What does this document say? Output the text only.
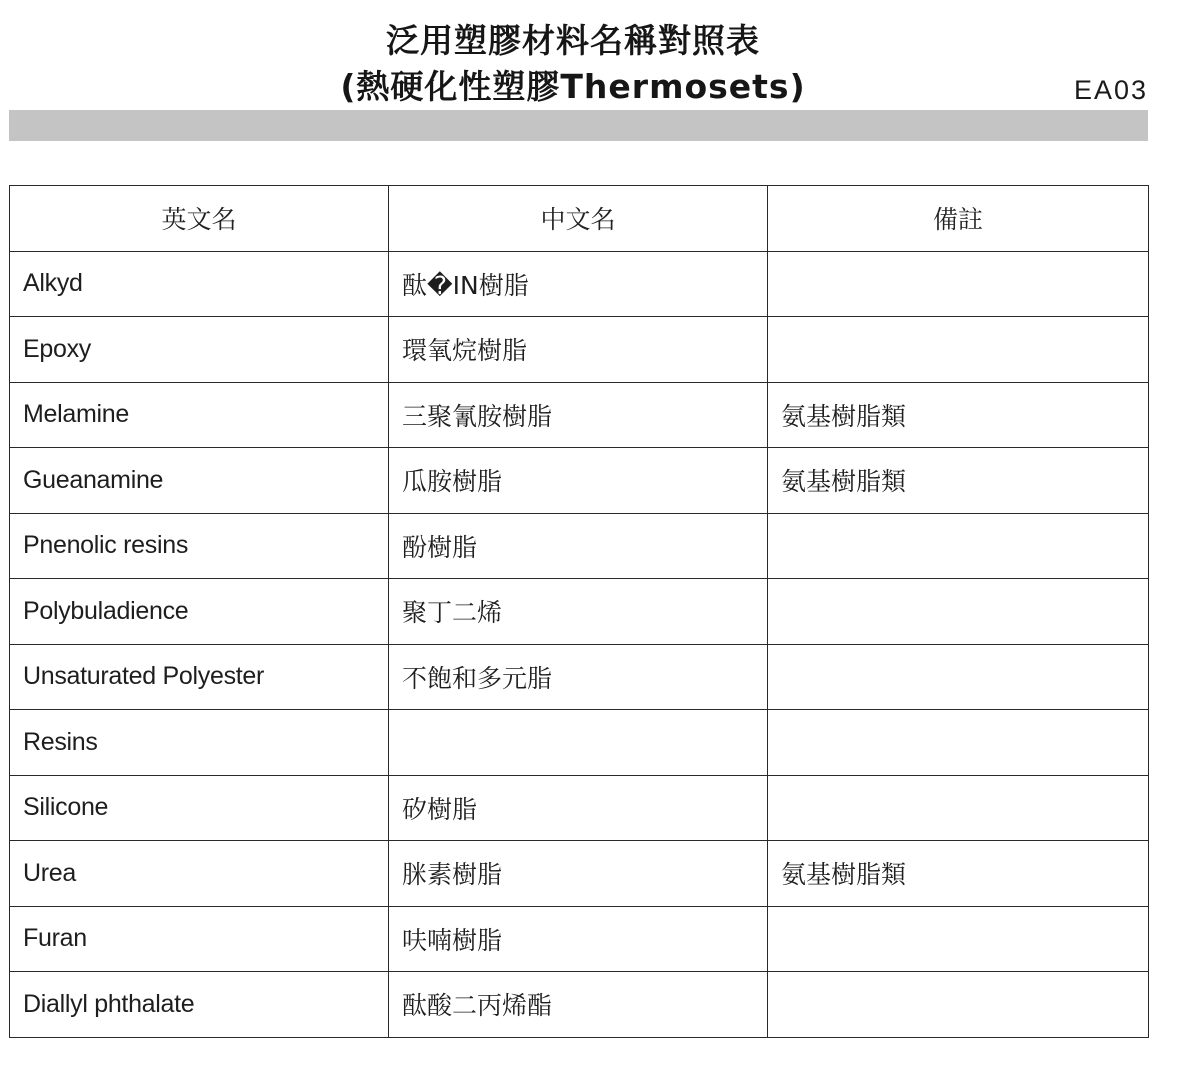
泛用塑膠材料名稱對照表
(熱硬化性塑膠Thermosets)	EA03
英文名	中文名	備註
Alkyd	酞�IN樹脂	
Epoxy	環氧烷樹脂	
Melamine	三聚氰胺樹脂	氨基樹脂類
Gueanamine	瓜胺樹脂	氨基樹脂類
Pnenolic resins	酚樹脂	
Polybuladience	聚丁二烯	
Unsaturated Polyester	不飽和多元脂	
Resins		
Silicone	矽樹脂	
Urea	脒素樹脂	氨基樹脂類
Furan	呋喃樹脂	
Diallyl phthalate	酞酸二丙烯酯	
